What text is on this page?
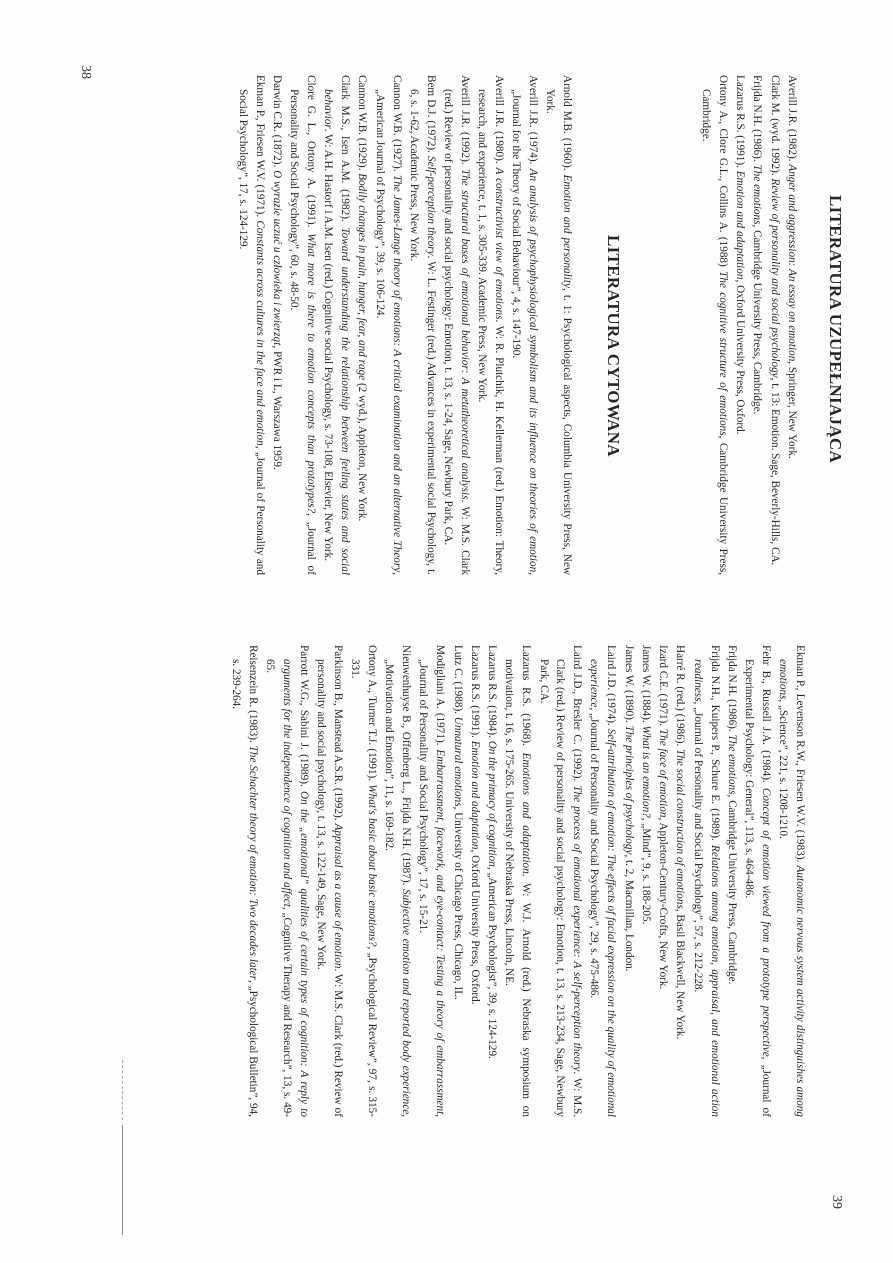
LITERATURA UZUPEŁNIAJĄCA
Averill J.R. (1982). Anger and aggression: An essay on emotion, Springer, New York.
Clark M. (wyd. 1992). Review of personality and social psychology, t. 13: Emotion. Sage, Beverly-Hills, CA.
Frijda N.H. (1986). The emotions, Cambridge University Press, Cambridge.
Lazarus R.S. (1991). Emotion and adaptation, Oxford University Press, Oxford.
Ortony A., Clore G.L., Collins A. (1988) The cognitive structure of emotions, Cambridge University Press, Cambridge.
LITERATURA CYTOWANA
Arnold M.B. (1960). Emotion and personality, t. 1: Psychological aspects, Columbia University Press, New York.
Averill J.R. (1974). An analysis of psychophysiological symbolism and its influence on theories of emotion, „Journal for the Theory of Social Behaviour”, 4, s. 147-190.
Averill J.R. (1980). A constructivist view of emotions. W: R. Plutchik, H. Kellerman (red.) Emotion: Theory, research, and experience, t. 1, s. 305-339. Academic Press, New York.
Averill J.R. (1992). The structural bases of emotional behavior: A metatheoretical analysis. W: M.S. Clark (red.) Review of personality and social psychology: Emotion, t. 13, s. 1-24, Sage, Newbury Park, CA.
Bem D.J. (1972). Self-perception theory. W: L. Festinger (red.) Advances in experimental social Psychology, t. 6, s. 1-62, Academic Press, New York.
Cannon W.B. (1927). The James-Lange theory of emotions: A critical examination and an alternative Theory, „American Journal of Psychology”, 39, s. 106-124.
Cannon W.B. (1929). Bodily changes in pain, hunger, fear, and rage (2 wyd.), Appleton, New York.
Clark M.S., Isen A.M. (1982). Toward understanding the relationship between feeling states and social behavior. W: A.H. Hastorf i A.M. Isen (red.) Cognitive social Psychology, s. 73-108, Elsevier, New York.
Clore G. L., Ortony A. (1991). What more is there to emotion concepts than prototypes?, „Journal of Personality and Social Psychology”, 60, s. 48-50.
Darwin C.R. (1872). O wyrazie uczuć u człowieka i zwierząt, PWR i L, Warszawa 1959.
Ekman P., Friesen W.V. (1971). Constants across cultures in the face and emotion, „Journal of Personality and Social Psychology”, 17, s. 124-129.
38
Ekman P., Levenson R.W., Friesen W.V. (1983). Autonomic nervous system activity distinguishes among emotions, „Science”, 221, s. 1208-1210.
Fehr B., Russell J.A. (1984). Concept of emotion viewed from a prototype perspective, „Journal of Experimental Psychology: General”, 113, s. 464-486.
Frijda N.H. (1986). The emotions, Cambridge University Press, Cambridge.
Frijda N.H., Kuipers P., Schure E. (1989). Relations among emotion, appraisal, and emotional action readiness, „Journal of Personality and Social Psychology”, 57, s. 212-228.
Harré R. (red.) (1986). The social construction of emotions, Basil Blackwell, New York.
Izard C.E. (1971). The face of emotion, Appleton-Century-Crofts, New York.
James W. (1884). What is an emotion?, „Mind”, 9, s. 188-205.
James W. (1890). The principles of psychology, t. 2, Macmillan, London.
Laird J.D. (1974). Self-attribution of emotion: The effects of facial expression on the quality of emotional experience, „Journal of Personality and Social Psychology”, 29, s. 475-486.
Laird J.D., Bresler C. (1992). The process of emotional experience: A self-perception theory. W: M.S. Clark (red.) Review of personality and social psychology: Emotion, t. 13, s. 213-234, Sage, Newbury Park, CA.
Lazarus R.S. (1968). Emotions and adaptation. W: W.J. Arnold (red.) Nebraska symposium on motivation, t. 16, s. 175-265. University of Nebraska Press, Lincoln, NE.
Lazarus R.S. (1984). On the primacy of cognition, „American Psychologist”, 39, s. 124-129.
Lazarus R.S. (1991). Emotion and adaptation, Oxford University Press, Oxford.
Lutz C. (1988). Unnatural emotions, University of Chicago Press, Chicago, IL.
Modigliani A. (1971). Embarrassment, facework, and eye-contact: Testing a theory of embarrassment, „Journal of Personality and Social Psychology”, 17, s. 15-21.
Nieuwenhuyse B., Offenberg L., Frijda N.H. (1987). Subjective emotion and reported body experience, „Motivation and Emotion”, 11, s. 169-182.
Ortony A., Turner T.J. (1991). What's basic about basic emotions?, „Psychological Review”, 97, s. 315-331.
Parkinson B., Manstead A.S.R. (1992). Appraisal as a cause of emotion. W: M.S. Clark (red.) Review of personality and social psychology, t. 13, s. 122-149, Sage, New York.
Parrott W.G., Sabini J. (1989). On the „emotional” qualities of certain types of cognition: A reply to arguments for the independence of cognition and affect, „Cognitive Therapy and Research”, 13, s. 49-65.
Reisenzein R. (1983). The Schachter theory of emotion: Two decades later, „Psychological Bulletin”, 94, s. 239-264.
39
